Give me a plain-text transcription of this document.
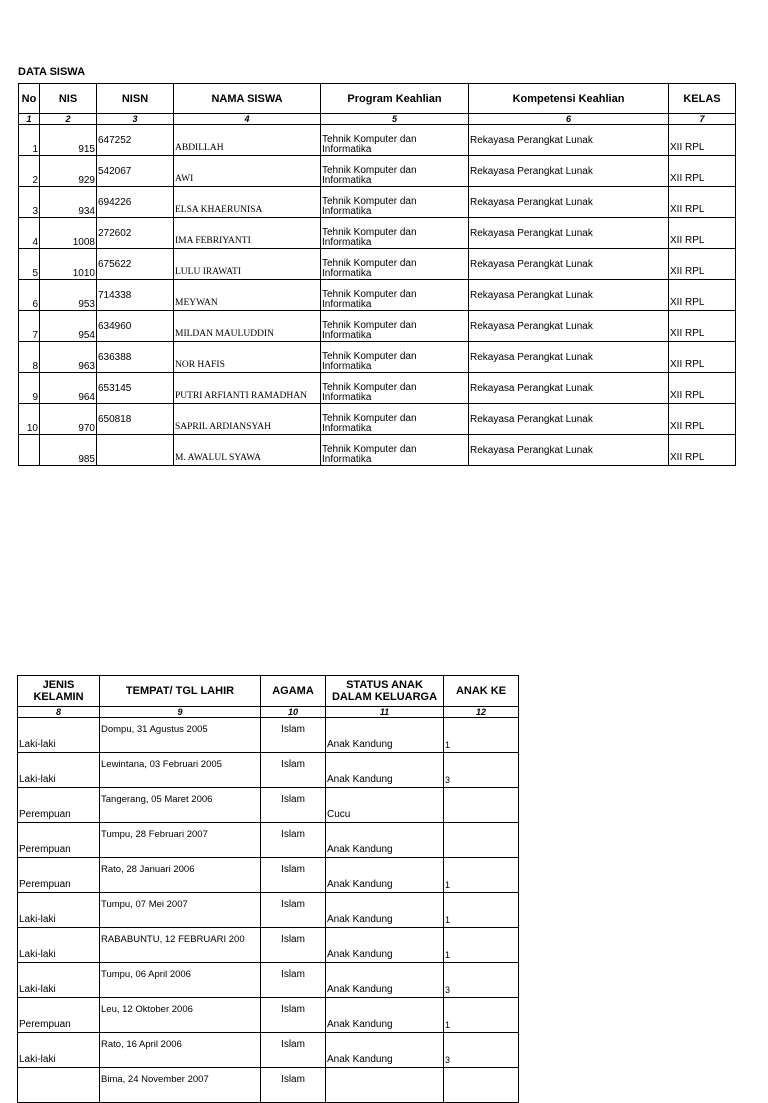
DATA SISWA
No	NIS	NISN	NAMA SISWA	Program Keahlian	Kompetensi Keahlian	KELAS
1	2	3	4	5	6	7
1	915	647252	ABDILLAH	Tehnik Komputer dan Informatika	Rekayasa Perangkat Lunak	XII RPL
2	929	542067	AWI	Tehnik Komputer dan Informatika	Rekayasa Perangkat Lunak	XII RPL
3	934	694226	ELSA KHAERUNISA	Tehnik Komputer dan Informatika	Rekayasa Perangkat Lunak	XII RPL
4	1008	272602	IMA FEBRIYANTI	Tehnik Komputer dan Informatika	Rekayasa Perangkat Lunak	XII RPL
5	1010	675622	LULU IRAWATI	Tehnik Komputer dan Informatika	Rekayasa Perangkat Lunak	XII RPL
6	953	714338	MEYWAN	Tehnik Komputer dan Informatika	Rekayasa Perangkat Lunak	XII RPL
7	954	634960	MILDAN MAULUDDIN	Tehnik Komputer dan Informatika	Rekayasa Perangkat Lunak	XII RPL
8	963	636388	NOR HAFIS	Tehnik Komputer dan Informatika	Rekayasa Perangkat Lunak	XII RPL
9	964	653145	PUTRI ARFIANTI RAMADHAN	Tehnik Komputer dan Informatika	Rekayasa Perangkat Lunak	XII RPL
10	970	650818	SAPRIL ARDIANSYAH	Tehnik Komputer dan Informatika	Rekayasa Perangkat Lunak	XII RPL
	985		M. AWALUL SYAWA	Tehnik Komputer dan Informatika	Rekayasa Perangkat Lunak	XII RPL
JENIS KELAMIN	TEMPAT/ TGL LAHIR	AGAMA	STATUS ANAK DALAM KELUARGA	ANAK KE
8	9	10	11	12
Laki-laki	Dompu, 31 Agustus 2005	Islam	Anak Kandung	1
Laki-laki	Lewintana, 03 Februari 2005	Islam	Anak Kandung	3
Perempuan	Tangerang, 05 Maret 2006	Islam	Cucu	
Perempuan	Tumpu, 28 Februari 2007	Islam	Anak Kandung	
Perempuan	Rato, 28 Januari 2006	Islam	Anak Kandung	1
Laki-laki	Tumpu, 07 Mei 2007	Islam	Anak Kandung	1
Laki-laki	RABABUNTU, 12 FEBRUARI 200	Islam	Anak Kandung	1
Laki-laki	Tumpu, 06 April 2006	Islam	Anak Kandung	3
Perempuan	Leu, 12 Oktober 2006	Islam	Anak Kandung	1
Laki-laki	Rato, 16 April 2006	Islam	Anak Kandung	3
	Bima, 24 November 2007	Islam		
